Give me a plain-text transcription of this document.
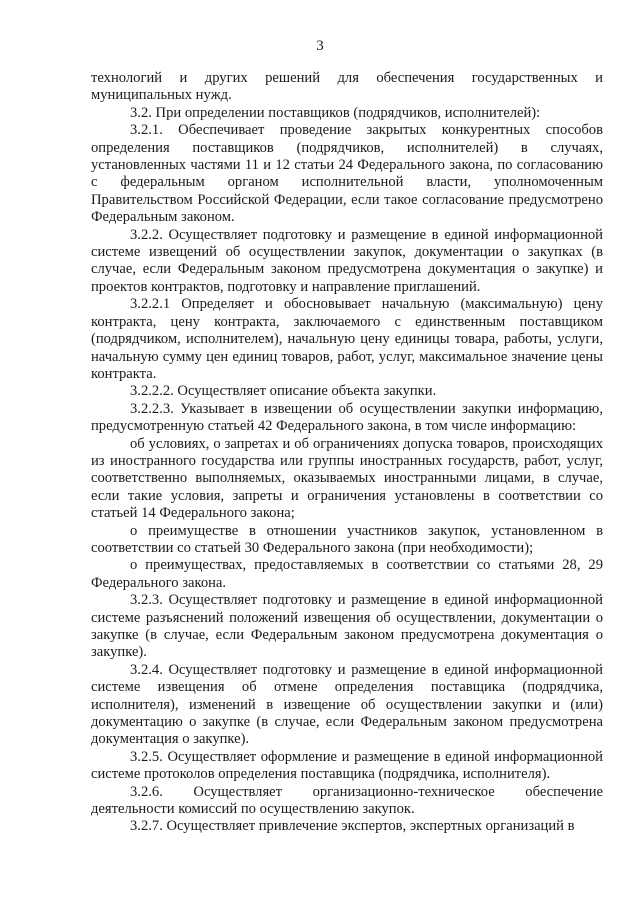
3

технологий и других решений для обеспечения государственных и муниципальных нужд.

3.2. При определении поставщиков (подрядчиков, исполнителей):

3.2.1. Обеспечивает проведение закрытых конкурентных способов определения поставщиков (подрядчиков, исполнителей) в случаях, установленных частями 11 и 12 статьи 24 Федерального закона, по согласованию с федеральным органом исполнительной власти, уполномоченным Правительством Российской Федерации, если такое согласование предусмотрено Федеральным законом.

3.2.2. Осуществляет подготовку и размещение в единой информационной системе извещений об осуществлении закупок, документации о закупках (в случае, если Федеральным законом предусмотрена документация о закупке) и проектов контрактов, подготовку и направление приглашений.

3.2.2.1 Определяет и обосновывает начальную (максимальную) цену контракта, цену контракта, заключаемого с единственным поставщиком (подрядчиком, исполнителем), начальную цену единицы товара, работы, услуги, начальную сумму цен единиц товаров, работ, услуг, максимальное значение цены контракта.

3.2.2.2. Осуществляет описание объекта закупки.

3.2.2.3. Указывает в извещении об осуществлении закупки информацию, предусмотренную статьей 42 Федерального закона, в том числе информацию:

об условиях, о запретах и об ограничениях допуска товаров, происходящих из иностранного государства или группы иностранных государств, работ, услуг, соответственно выполняемых, оказываемых иностранными лицами, в случае, если такие условия, запреты и ограничения установлены в соответствии со статьей 14 Федерального закона;

о преимуществе в отношении участников закупок, установленном в соответствии со статьей 30 Федерального закона (при необходимости);

о преимуществах, предоставляемых в соответствии со статьями 28, 29 Федерального закона.

3.2.3. Осуществляет подготовку и размещение в единой информационной системе разъяснений положений извещения об осуществлении, документации о закупке (в случае, если Федеральным законом предусмотрена документация о закупке).

3.2.4. Осуществляет подготовку и размещение в единой информационной системе извещения об отмене определения поставщика (подрядчика, исполнителя), изменений в извещение об осуществлении закупки и (или) документацию о закупке (в случае, если Федеральным законом предусмотрена документация о закупке).

3.2.5. Осуществляет оформление и размещение в единой информационной системе протоколов определения поставщика (подрядчика, исполнителя).

3.2.6. Осуществляет организационно-техническое обеспечение деятельности комиссий по осуществлению закупок.

3.2.7. Осуществляет привлечение экспертов, экспертных организаций в
